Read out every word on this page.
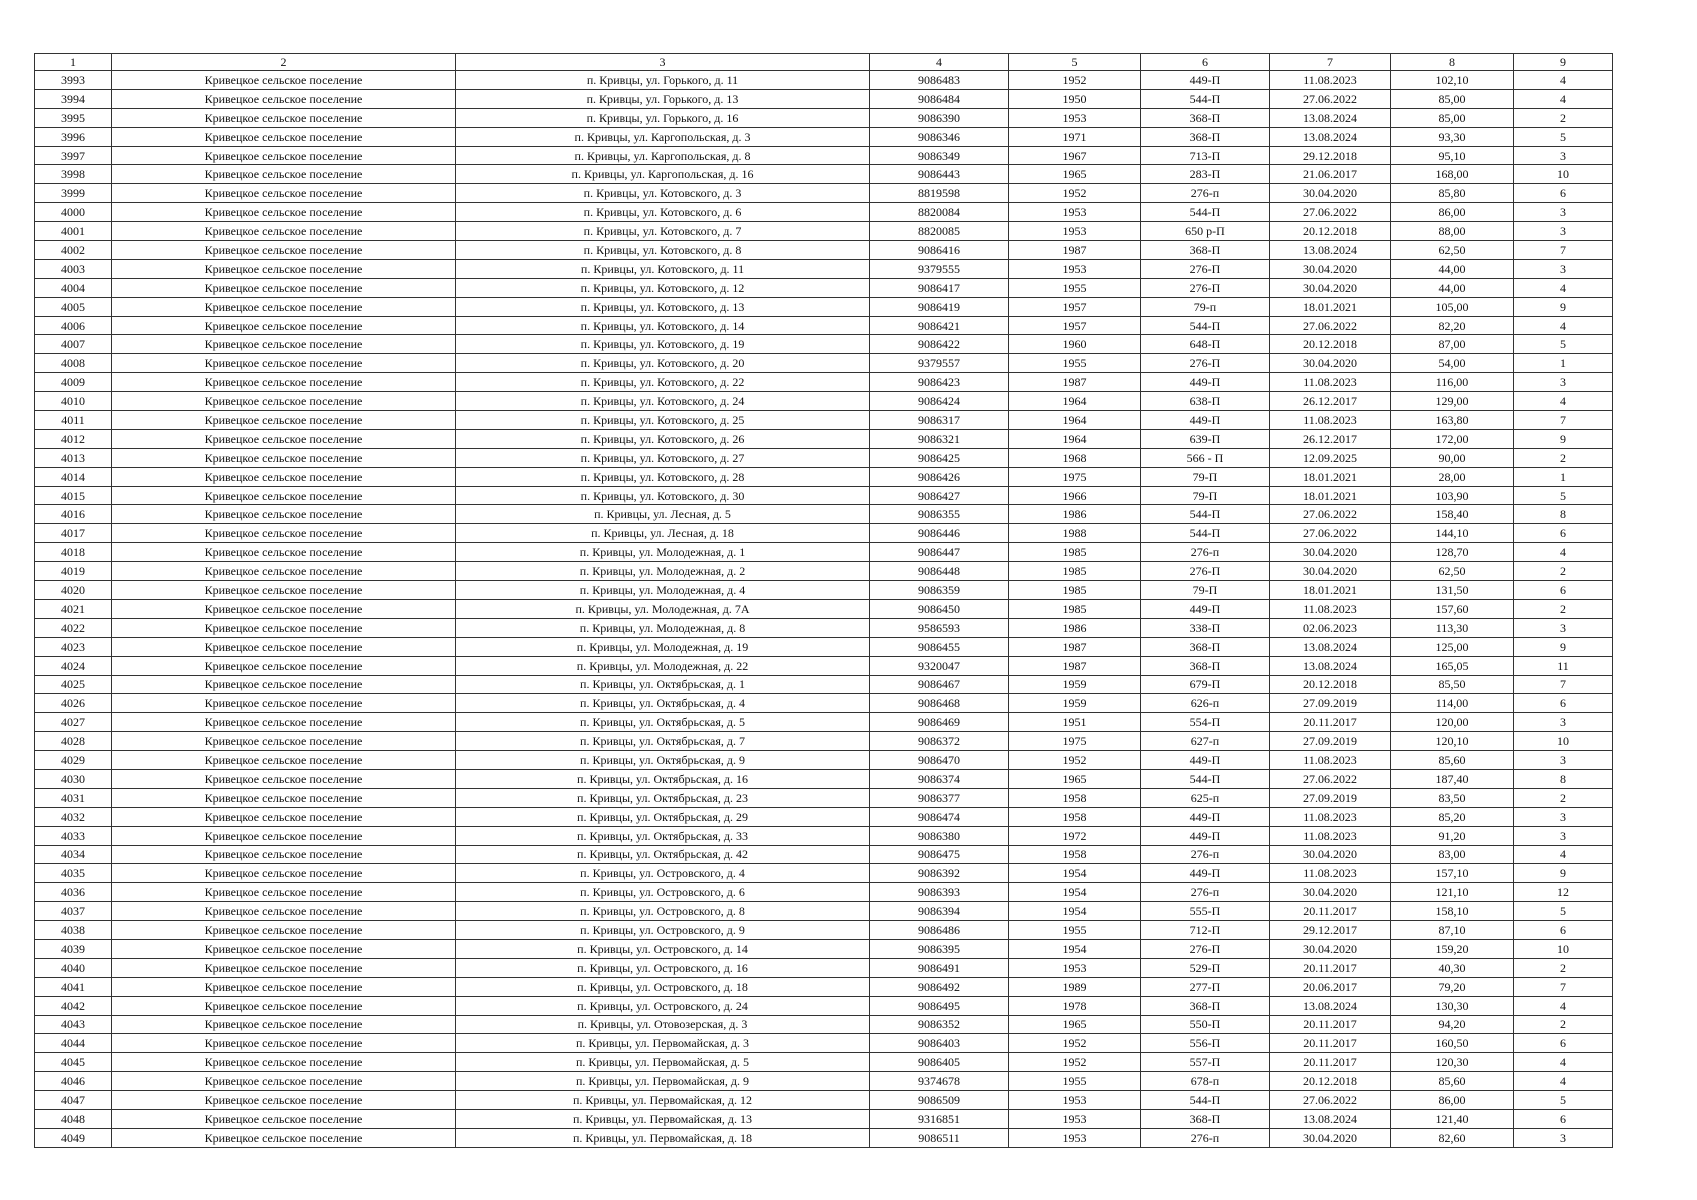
1	2	3	4	5	6	7	8	9
3993	Кривецкое сельское поселение	п. Кривцы, ул. Горького, д. 11	9086483	1952	449-П	11.08.2023	102,10	4
3994	Кривецкое сельское поселение	п. Кривцы, ул. Горького, д. 13	9086484	1950	544-П	27.06.2022	85,00	4
3995	Кривецкое сельское поселение	п. Кривцы, ул. Горького, д. 16	9086390	1953	368-П	13.08.2024	85,00	2
3996	Кривецкое сельское поселение	п. Кривцы, ул. Каргопольская, д. 3	9086346	1971	368-П	13.08.2024	93,30	5
3997	Кривецкое сельское поселение	п. Кривцы, ул. Каргопольская, д. 8	9086349	1967	713-П	29.12.2018	95,10	3
3998	Кривецкое сельское поселение	п. Кривцы, ул. Каргопольская, д. 16	9086443	1965	283-П	21.06.2017	168,00	10
3999	Кривецкое сельское поселение	п. Кривцы, ул. Котовского, д. 3	8819598	1952	276-п	30.04.2020	85,80	6
4000	Кривецкое сельское поселение	п. Кривцы, ул. Котовского, д. 6	8820084	1953	544-П	27.06.2022	86,00	3
4001	Кривецкое сельское поселение	п. Кривцы, ул. Котовского, д. 7	8820085	1953	650 р-П	20.12.2018	88,00	3
4002	Кривецкое сельское поселение	п. Кривцы, ул. Котовского, д. 8	9086416	1987	368-П	13.08.2024	62,50	7
4003	Кривецкое сельское поселение	п. Кривцы, ул. Котовского, д. 11	9379555	1953	276-П	30.04.2020	44,00	3
4004	Кривецкое сельское поселение	п. Кривцы, ул. Котовского, д. 12	9086417	1955	276-П	30.04.2020	44,00	4
4005	Кривецкое сельское поселение	п. Кривцы, ул. Котовского, д. 13	9086419	1957	79-п	18.01.2021	105,00	9
4006	Кривецкое сельское поселение	п. Кривцы, ул. Котовского, д. 14	9086421	1957	544-П	27.06.2022	82,20	4
4007	Кривецкое сельское поселение	п. Кривцы, ул. Котовского, д. 19	9086422	1960	648-П	20.12.2018	87,00	5
4008	Кривецкое сельское поселение	п. Кривцы, ул. Котовского, д. 20	9379557	1955	276-П	30.04.2020	54,00	1
4009	Кривецкое сельское поселение	п. Кривцы, ул. Котовского, д. 22	9086423	1987	449-П	11.08.2023	116,00	3
4010	Кривецкое сельское поселение	п. Кривцы, ул. Котовского, д. 24	9086424	1964	638-П	26.12.2017	129,00	4
4011	Кривецкое сельское поселение	п. Кривцы, ул. Котовского, д. 25	9086317	1964	449-П	11.08.2023	163,80	7
4012	Кривецкое сельское поселение	п. Кривцы, ул. Котовского, д. 26	9086321	1964	639-П	26.12.2017	172,00	9
4013	Кривецкое сельское поселение	п. Кривцы, ул. Котовского, д. 27	9086425	1968	566 - П	12.09.2025	90,00	2
4014	Кривецкое сельское поселение	п. Кривцы, ул. Котовского, д. 28	9086426	1975	79-П	18.01.2021	28,00	1
4015	Кривецкое сельское поселение	п. Кривцы, ул. Котовского, д. 30	9086427	1966	79-П	18.01.2021	103,90	5
4016	Кривецкое сельское поселение	п. Кривцы, ул. Лесная, д. 5	9086355	1986	544-П	27.06.2022	158,40	8
4017	Кривецкое сельское поселение	п. Кривцы, ул. Лесная, д. 18	9086446	1988	544-П	27.06.2022	144,10	6
4018	Кривецкое сельское поселение	п. Кривцы, ул. Молодежная, д. 1	9086447	1985	276-п	30.04.2020	128,70	4
4019	Кривецкое сельское поселение	п. Кривцы, ул. Молодежная, д. 2	9086448	1985	276-П	30.04.2020	62,50	2
4020	Кривецкое сельское поселение	п. Кривцы, ул. Молодежная, д. 4	9086359	1985	79-П	18.01.2021	131,50	6
4021	Кривецкое сельское поселение	п. Кривцы, ул. Молодежная, д. 7А	9086450	1985	449-П	11.08.2023	157,60	2
4022	Кривецкое сельское поселение	п. Кривцы, ул. Молодежная, д. 8	9586593	1986	338-П	02.06.2023	113,30	3
4023	Кривецкое сельское поселение	п. Кривцы, ул. Молодежная, д. 19	9086455	1987	368-П	13.08.2024	125,00	9
4024	Кривецкое сельское поселение	п. Кривцы, ул. Молодежная, д. 22	9320047	1987	368-П	13.08.2024	165,05	11
4025	Кривецкое сельское поселение	п. Кривцы, ул. Октябрьская, д. 1	9086467	1959	679-П	20.12.2018	85,50	7
4026	Кривецкое сельское поселение	п. Кривцы, ул. Октябрьская, д. 4	9086468	1959	626-п	27.09.2019	114,00	6
4027	Кривецкое сельское поселение	п. Кривцы, ул. Октябрьская, д. 5	9086469	1951	554-П	20.11.2017	120,00	3
4028	Кривецкое сельское поселение	п. Кривцы, ул. Октябрьская, д. 7	9086372	1975	627-п	27.09.2019	120,10	10
4029	Кривецкое сельское поселение	п. Кривцы, ул. Октябрьская, д. 9	9086470	1952	449-П	11.08.2023	85,60	3
4030	Кривецкое сельское поселение	п. Кривцы, ул. Октябрьская, д. 16	9086374	1965	544-П	27.06.2022	187,40	8
4031	Кривецкое сельское поселение	п. Кривцы, ул. Октябрьская, д. 23	9086377	1958	625-п	27.09.2019	83,50	2
4032	Кривецкое сельское поселение	п. Кривцы, ул. Октябрьская, д. 29	9086474	1958	449-П	11.08.2023	85,20	3
4033	Кривецкое сельское поселение	п. Кривцы, ул. Октябрьская, д. 33	9086380	1972	449-П	11.08.2023	91,20	3
4034	Кривецкое сельское поселение	п. Кривцы, ул. Октябрьская, д. 42	9086475	1958	276-п	30.04.2020	83,00	4
4035	Кривецкое сельское поселение	п. Кривцы, ул. Островского, д. 4	9086392	1954	449-П	11.08.2023	157,10	9
4036	Кривецкое сельское поселение	п. Кривцы, ул. Островского, д. 6	9086393	1954	276-п	30.04.2020	121,10	12
4037	Кривецкое сельское поселение	п. Кривцы, ул. Островского, д. 8	9086394	1954	555-П	20.11.2017	158,10	5
4038	Кривецкое сельское поселение	п. Кривцы, ул. Островского, д. 9	9086486	1955	712-П	29.12.2017	87,10	6
4039	Кривецкое сельское поселение	п. Кривцы, ул. Островского, д. 14	9086395	1954	276-П	30.04.2020	159,20	10
4040	Кривецкое сельское поселение	п. Кривцы, ул. Островского, д. 16	9086491	1953	529-П	20.11.2017	40,30	2
4041	Кривецкое сельское поселение	п. Кривцы, ул. Островского, д. 18	9086492	1989	277-П	20.06.2017	79,20	7
4042	Кривецкое сельское поселение	п. Кривцы, ул. Островского, д. 24	9086495	1978	368-П	13.08.2024	130,30	4
4043	Кривецкое сельское поселение	п. Кривцы, ул. Отовозерская, д. 3	9086352	1965	550-П	20.11.2017	94,20	2
4044	Кривецкое сельское поселение	п. Кривцы, ул. Первомайская, д. 3	9086403	1952	556-П	20.11.2017	160,50	6
4045	Кривецкое сельское поселение	п. Кривцы, ул. Первомайская, д. 5	9086405	1952	557-П	20.11.2017	120,30	4
4046	Кривецкое сельское поселение	п. Кривцы, ул. Первомайская, д. 9	9374678	1955	678-п	20.12.2018	85,60	4
4047	Кривецкое сельское поселение	п. Кривцы, ул. Первомайская, д. 12	9086509	1953	544-П	27.06.2022	86,00	5
4048	Кривецкое сельское поселение	п. Кривцы, ул. Первомайская, д. 13	9316851	1953	368-П	13.08.2024	121,40	6
4049	Кривецкое сельское поселение	п. Кривцы, ул. Первомайская, д. 18	9086511	1953	276-п	30.04.2020	82,60	3
